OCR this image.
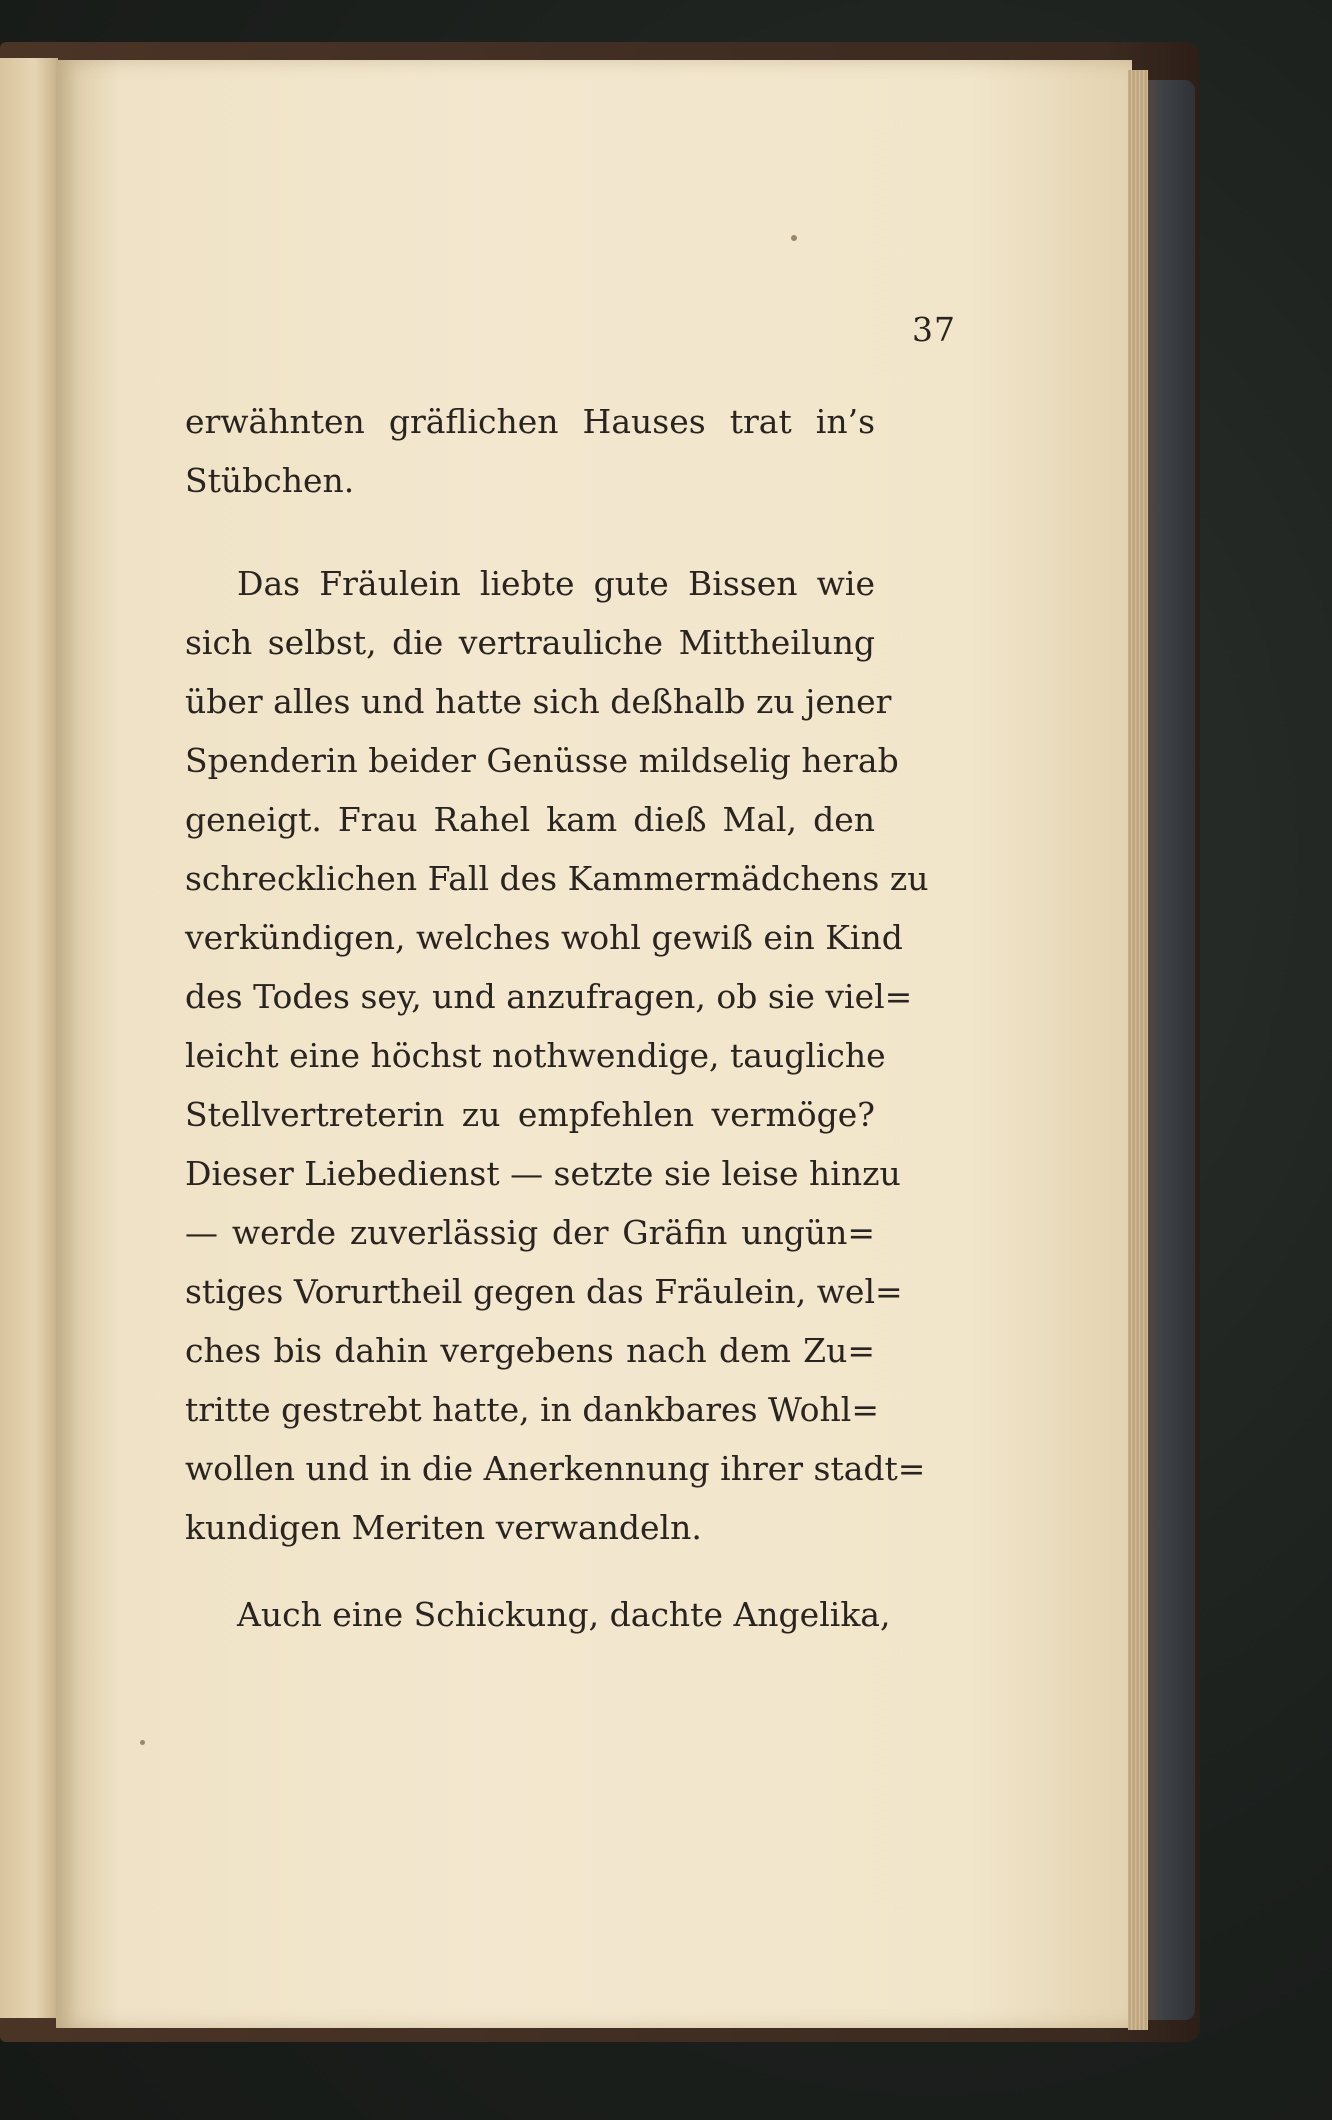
37
erwähnten gräflichen Hauses trat in’s
Stübchen.
Das Fräulein liebte gute Bissen wie
sich selbst, die vertrauliche Mittheilung
über alles und hatte sich deßhalb zu jener
Spenderin beider Genüsse mildselig herab
geneigt. Frau Rahel kam dieß Mal, den
schrecklichen Fall des Kammermädchens zu
verkündigen, welches wohl gewiß ein Kind
des Todes sey, und anzufragen, ob sie viel=
leicht eine höchst nothwendige, taugliche
Stellvertreterin zu empfehlen vermöge?
Dieser Liebedienst — setzte sie leise hinzu
— werde zuverlässig der Gräfin ungün=
stiges Vorurtheil gegen das Fräulein, wel=
ches bis dahin vergebens nach dem Zu=
tritte gestrebt hatte, in dankbares Wohl=
wollen und in die Anerkennung ihrer stadt=
kundigen Meriten verwandeln.
Auch eine Schickung, dachte Angelika,
